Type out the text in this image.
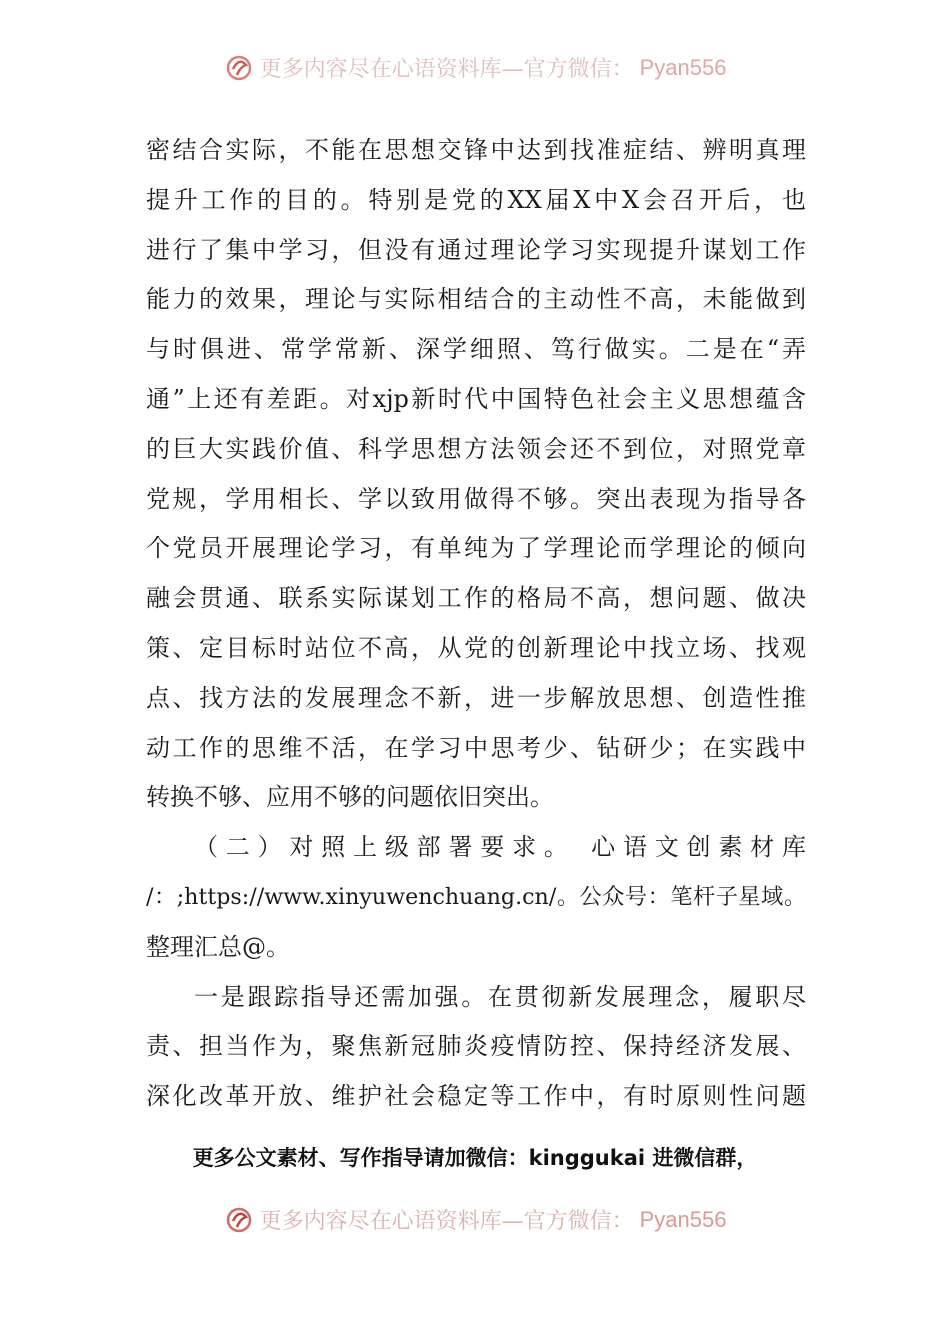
更多内容尽在心语资料库—官方微信： Pyan556
密结合实际，不能在思想交锋中达到找准症结、辨明真理
提升工作的目的。特别是党的XX届X中X会召开后，也
进行了集中学习，但没有通过理论学习实现提升谋划工作
能力的效果，理论与实际相结合的主动性不高，未能做到
与时俱进、常学常新、深学细照、笃行做实。二是在“弄
通”上还有差距。对xjp新时代中国特色社会主义思想蕴含
的巨大实践价值、科学思想方法领会还不到位，对照党章
党规，学用相长、学以致用做得不够。突出表现为指导各
个党员开展理论学习，有单纯为了学理论而学理论的倾向
融会贯通、联系实际谋划工作的格局不高，想问题、做决
策、定目标时站位不高，从党的创新理论中找立场、找观
点、找方法的发展理念不新，进一步解放思想、创造性推
动工作的思维不活，在学习中思考少、钻研少；在实践中
转换不够、应用不够的问题依旧突出。
（二）对照上级部署要求。 心语文创素材库
/：;https://www.xinyuwenchuang.cn/。公众号：笔杆子星域。
整理汇总@。
一是跟踪指导还需加强。在贯彻新发展理念，履职尽
责、担当作为，聚焦新冠肺炎疫情防控、保持经济发展、
深化改革开放、维护社会稳定等工作中，有时原则性问题
更多公文素材、写作指导请加微信：kinggukai 进微信群，
更多内容尽在心语资料库—官方微信： Pyan556
